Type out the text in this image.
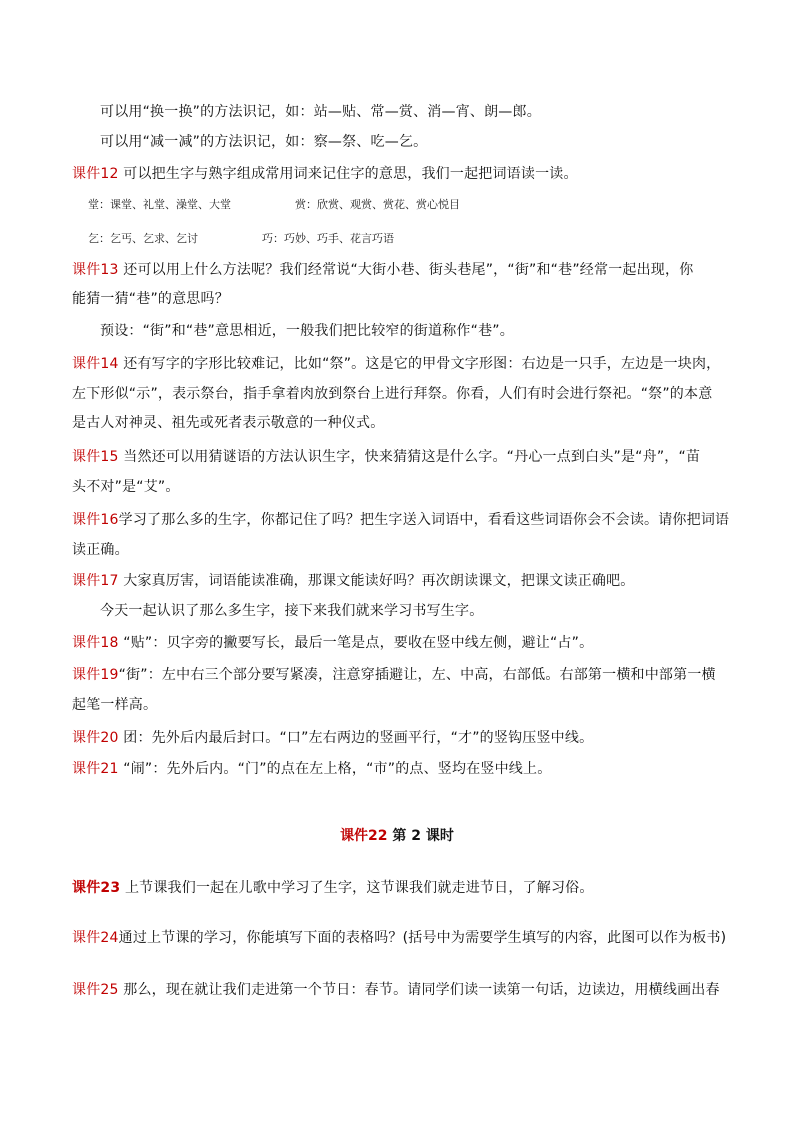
可以用“换一换”的方法识记，如：站—贴、常—赏、消—宵、朗—郎。
可以用“减一减”的方法识记，如：察—祭、吃—乞。
课件12 可以把生字与熟字组成常用词来记住字的意思，我们一起把词语读一读。
堂：课堂、礼堂、澡堂、大堂	赏：欣赏、观赏、赏花、赏心悦目
乞：乞丐、乞求、乞讨	巧：巧妙、巧手、花言巧语
课件13 还可以用上什么方法呢？我们经常说“大街小巷、街头巷尾”，“街”和“巷”经常一起出现，你
能猜一猜“巷”的意思吗？
预设：“街”和“巷”意思相近，一般我们把比较窄的街道称作“巷”。
课件14 还有写字的字形比较难记，比如“祭”。这是它的甲骨文字形图：右边是一只手，左边是一块肉，
左下形似“示”，表示祭台，指手拿着肉放到祭台上进行拜祭。你看，人们有时会进行祭祀。“祭”的本意
是古人对神灵、祖先或死者表示敬意的一种仪式。
课件15 当然还可以用猜谜语的方法认识生字，快来猜猜这是什么字。“丹心一点到白头”是“舟”，“苗
头不对”是“艾”。
课件16学习了那么多的生字，你都记住了吗？把生字送入词语中，看看这些词语你会不会读。请你把词语
读正确。
课件17 大家真厉害，词语能读准确，那课文能读好吗？再次朗读课文，把课文读正确吧。
今天一起认识了那么多生字，接下来我们就来学习书写生字。
课件18 “贴”：贝字旁的撇要写长，最后一笔是点，要收在竖中线左侧，避让“占”。
课件19“街”：左中右三个部分要写紧凑，注意穿插避让，左、中高，右部低。右部第一横和中部第一横
起笔一样高。
课件20 团：先外后内最后封口。“口”左右两边的竖画平行，“才”的竖钩压竖中线。
课件21 “闹”：先外后内。“门”的点在左上格，“市”的点、竖均在竖中线上。
课件22 第 2 课时
课件23 上节课我们一起在儿歌中学习了生字，这节课我们就走进节日，了解习俗。
课件24通过上节课的学习，你能填写下面的表格吗？(括号中为需要学生填写的内容，此图可以作为板书)
课件25 那么，现在就让我们走进第一个节日：春节。请同学们读一读第一句话，边读边，用横线画出春
